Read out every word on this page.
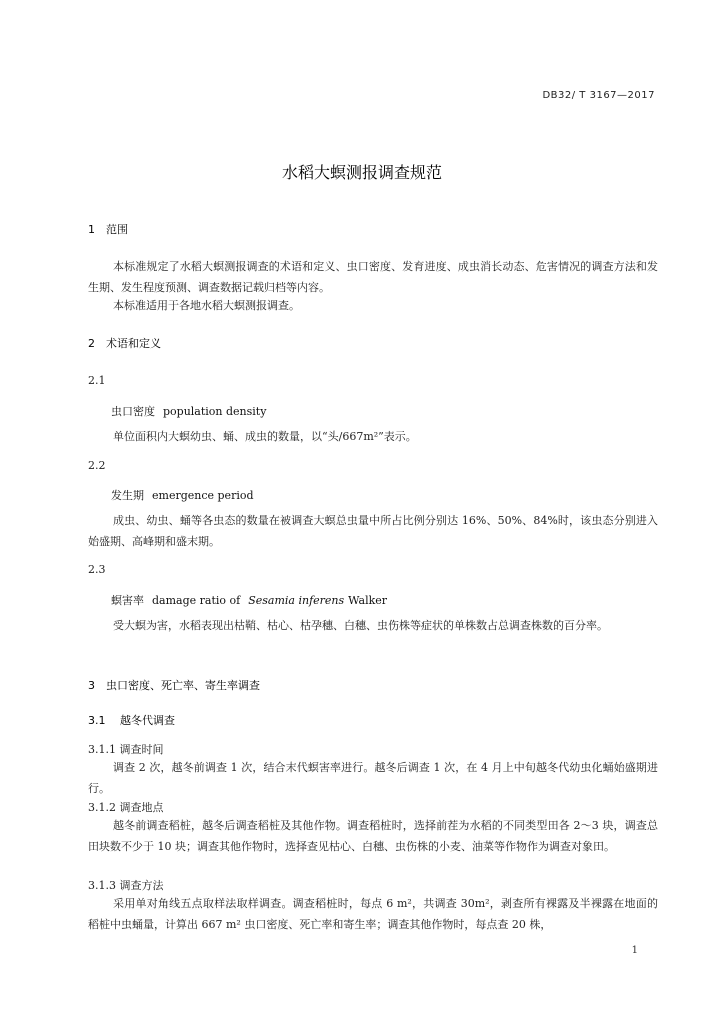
DB32/ T 3167—2017
水稻大螟测报调查规范
1 范围
本标准规定了水稻大螟测报调查的术语和定义、虫口密度、发育进度、成虫消长动态、危害情况的调查方法和发生期、发生程度预测、调查数据记载归档等内容。
本标准适用于各地水稻大螟测报调查。
2 术语和定义
2.1
虫口密度 population density
单位面积内大螟幼虫、蛹、成虫的数量，以“头/667m²”表示。
2.2
发生期 emergence period
成虫、幼虫、蛹等各虫态的数量在被调查大螟总虫量中所占比例分别达 16%、50%、84%时，该虫态分别进入始盛期、高峰期和盛末期。
2.3
螟害率 damage ratio of Sesamia inferens Walker
受大螟为害，水稻表现出枯鞘、枯心、枯孕穗、白穗、虫伤株等症状的单株数占总调查株数的百分率。
3 虫口密度、死亡率、寄生率调查
3.1 越冬代调查
3.1.1 调查时间
调查 2 次，越冬前调查 1 次，结合末代螟害率进行。越冬后调查 1 次，在 4 月上中旬越冬代幼虫化蛹始盛期进行。
3.1.2 调查地点
越冬前调查稻桩，越冬后调查稻桩及其他作物。调查稻桩时，选择前茬为水稻的不同类型田各 2～3 块，调查总田块数不少于 10 块；调查其他作物时，选择查见枯心、白穗、虫伤株的小麦、油菜等作物作为调查对象田。
3.1.3 调查方法
采用单对角线五点取样法取样调查。调查稻桩时，每点 6 m²，共调查 30m²，剥查所有裸露及半裸露在地面的稻桩中虫蛹量，计算出 667 m² 虫口密度、死亡率和寄生率；调查其他作物时，每点查 20 株，
1
